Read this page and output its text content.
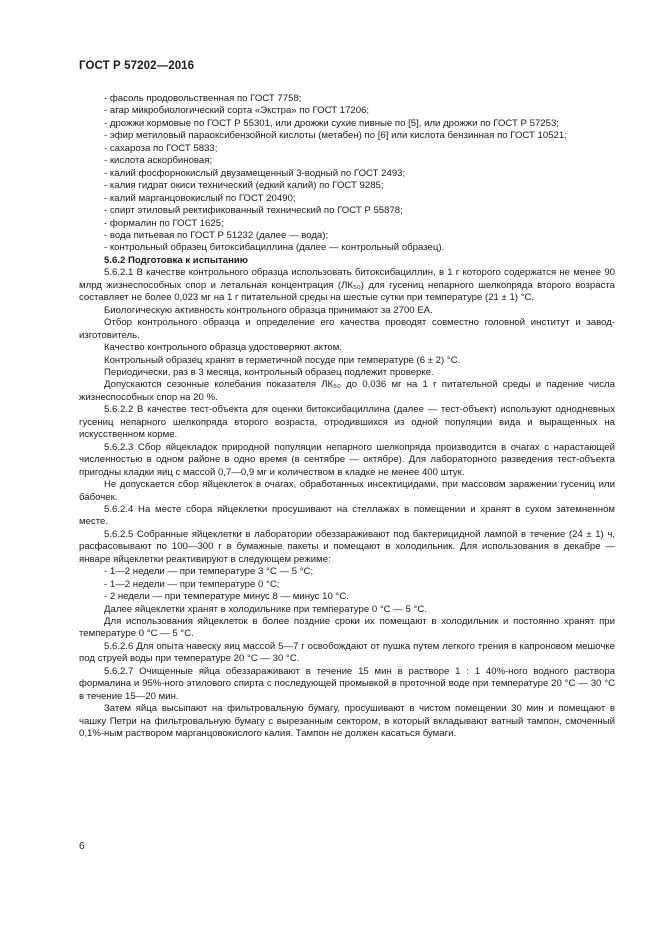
ГОСТ Р 57202—2016

- фасоль продовольственная по ГОСТ 7758;

- агар микробиологический сорта «Экстра» по ГОСТ 17206;

- дрожжи кормовые по ГОСТ Р 55301, или дрожжи сухие пивные по [5], или дрожжи по ГОСТ Р 57253;

- эфир метиловый параоксибензойной кислоты (метабен) по [6] или кислота бензинная по ГОСТ 10521;

- сахароза по ГОСТ 5833;

- кислота аскорбиновая;

- калий фосфорнокислый двузамещенный 3-водный по ГОСТ 2493;

- калия гидрат окиси технический (едкий калий) по ГОСТ 9285;

- калий марганцовокислый по ГОСТ 20490;

- спирт этиловый ректификованный технический по ГОСТ Р 55878;

- формалин по ГОСТ 1625;

- вода питьевая по ГОСТ Р 51232 (далее — вода);

- контрольный образец битоксибациллина (далее — контрольный образец).

5.6.2 Подготовка к испытанию

5.6.2.1 В качестве контрольного образца использовать битоксибациллин, в 1 г которого содержатся не менее 90 млрд жизнеспособных спор и летальная концентрация (ЛК₅₀) для гусениц непарного шелкопряда второго возраста составляет не более 0,023 мг на 1 г питательной среды на шестые сутки при температуре (21 ± 1) °С.

Биологическую активность контрольного образца принимают за 2700 ЕА.

Отбор контрольного образца и определение его качества проводят совместно головной институт и завод-изготовитель.

Качество контрольного образца удостоверяют актом.

Контрольный образец хранят в герметичной посуде при температуре (6 ± 2) °С.

Периодически, раз в 3 месяца, контрольный образец подлежит проверке.

Допускаются сезонные колебания показателя ЛК₅₀ до 0,036 мг на 1 г питательной среды и падение числа жизнеспособных спор на 20 %.

5.6.2.2 В качестве тест-объекта для оценки битоксибациллина (далее — тест-объект) используют однодневных гусениц непарного шелкопряда второго возраста, отродившихся из одной популяции вида и выращенных на искусственном корме.

5.6.2.3 Сбор яйцекладок природной популяции непарного шелкопряда производится в очагах с нарастающей численностью в одном районе в одно время (в сентябре — октябре). Для лабораторного разведения тест-объекта пригодны кладки яиц с массой 0,7—0,9 мг и количеством в кладке не менее 400 штук.

Не допускается сбор яйцеклеток в очагах, обработанных инсектицидами, при массовом заражении гусениц или бабочек.

5.6.2.4 На месте сбора яйцеклетки просушивают на стеллажах в помещении и хранят в сухом затемненном месте.

5.6.2.5 Собранные яйцеклетки в лаборатории обеззараживают под бактерицидной лампой в течение (24 ± 1) ч, расфасовывают по 100—300 г в бумажные пакеты и помещают в холодильник. Для использования в декабре — январе яйцеклетки реактивируют в следующем режиме:

- 1—2 недели — при температуре 3 °С — 5 °С;

- 1—2 недели — при температуре 0 °С;

- 2 недели — при температуре минус 8 — минус 10 °С.

Далее яйцеклетки хранят в холодильнике при температуре 0 °С — 5 °С.

Для использования яйцеклеток в более поздние сроки их помещают в холодильник и постоянно хранят при температуре 0 °С — 5 °С.

5.6.2.6 Для опыта навеску яиц массой 5—7 г освобождают от пушка путем легкого трения в капроновом мешочке под струей воды при температуре 20 °С — 30 °С.

5.6.2.7 Очищенные яйца обеззараживают в течение 15 мин в растворе 1 : 1 40%-ного водного раствора формалина и 95%-ного этилового спирта с последующей промывкой в проточной воде при температуре 20 °С — 30 °С в течение 15—20 мин.

Затем яйца высыпают на фильтровальную бумагу, просушивают в чистом помещении 30 мин и помещают в чашку Петри на фильтровальную бумагу с вырезанным сектором, в который вкладывают ватный тампон, смоченный 0,1%-ным раствором марганцовокислого калия. Тампон не должен касаться бумаги.

6
